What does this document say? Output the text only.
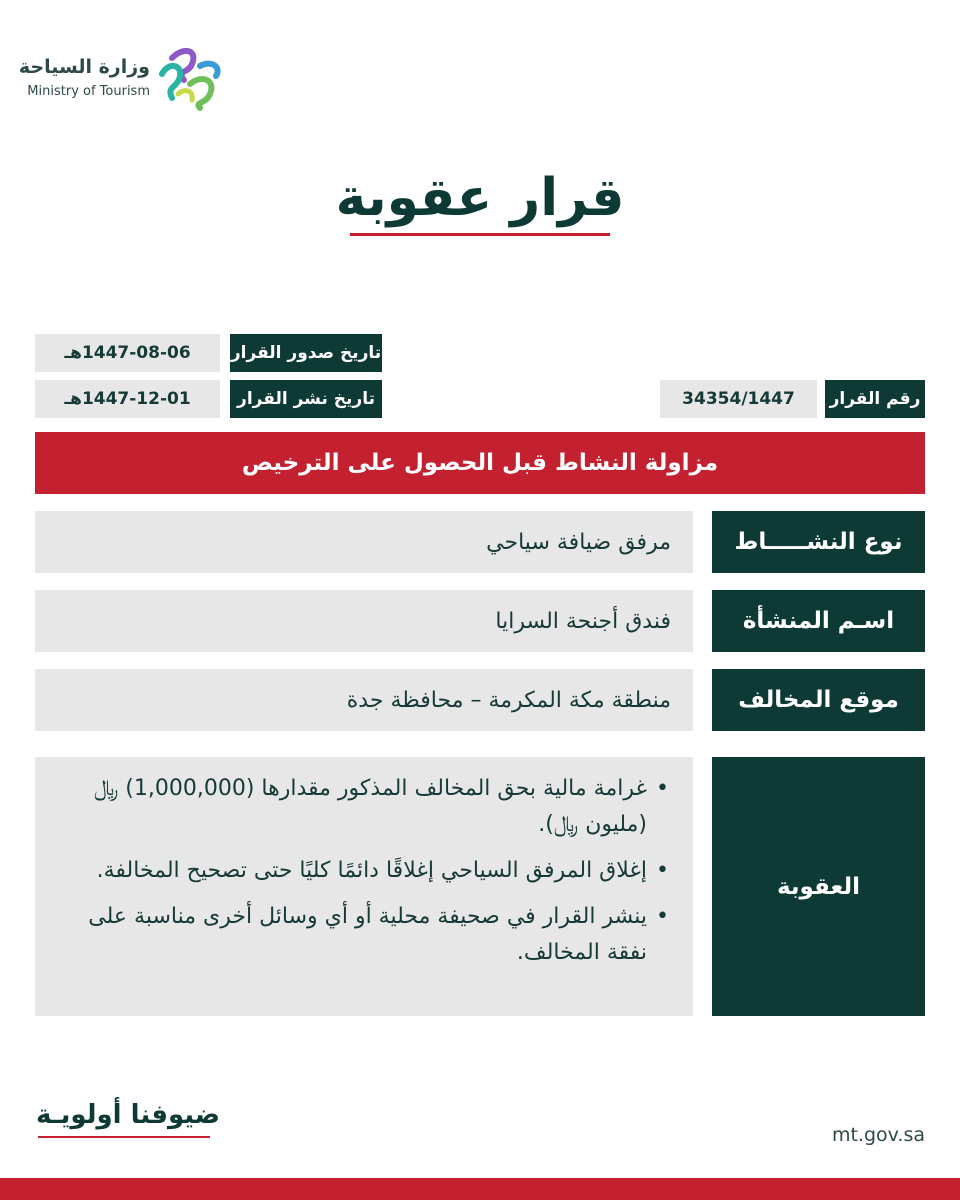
وزارة السياحة
Ministry of Tourism
قرار عقوبة
تاريخ صدور القرار
1447-08-06هـ
تاريخ نشر القرار
1447-12-01هـ	رقم القرار
34354/1447
مزاولة النشاط قبل الحصول على الترخيص
نوع النشـــــاط
مرفق ضيافة سياحي
اسـم المنشأة
فندق أجنحة السرايا
موقع المخالف
منطقة مكة المكرمة – محافظة جدة
العقوبة
• غرامة مالية بحق المخالف المذكور مقدارها (1,000,000) ﷼ (مليون ﷼).
• إغلاق المرفق السياحي إغلاقًا دائمًا كليًا حتى تصحيح المخالفة.
• ينشر القرار في صحيفة محلية أو أي وسائل أخرى مناسبة على نفقة المخالف.
ضيوفنا أولويـة
mt.gov.sa
